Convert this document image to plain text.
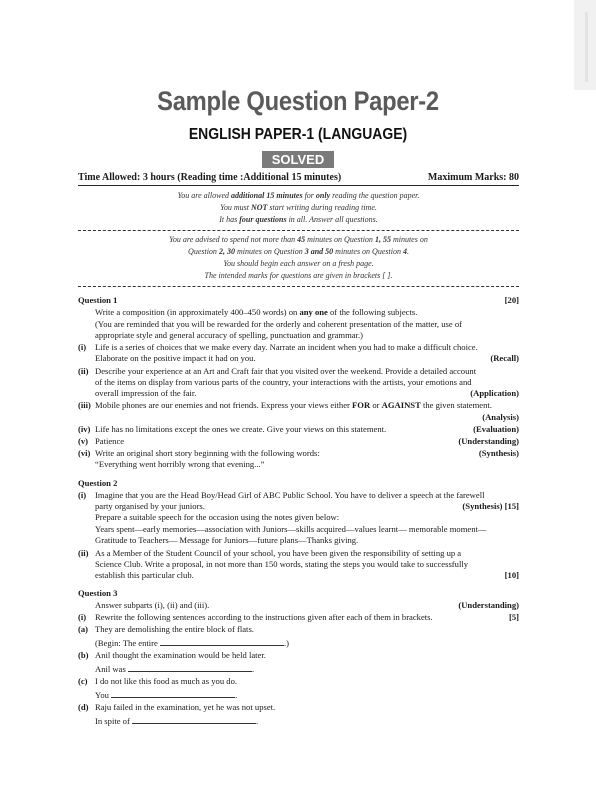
Sample Question Paper-2
ENGLISH PAPER-1 (LANGUAGE)
SOLVED
Time Allowed: 3 hours (Reading time :Additional 15 minutes)	Maximum Marks: 80
You are allowed additional 15 minutes for only reading the question paper.
You must NOT start writing during reading time.
It has four questions in all. Answer all questions.
You are advised to spend not more than 45 minutes on Question 1, 55 minutes on
Question 2, 30 minutes on Question 3 and 50 minutes on Question 4.
You should begin each answer on a fresh page.
The intended marks for questions are given in brackets [ ].
Question 1	[20]
Write a composition (in approximately 400–450 words) on any one of the following subjects.
(You are reminded that you will be rewarded for the orderly and coherent presentation of the matter, use of
appropriate style and general accuracy of spelling, punctuation and grammar.)
(i) Life is a series of choices that we make every day. Narrate an incident when you had to make a difficult choice.
Elaborate on the positive impact it had on you.	(Recall)
(ii) Describe your experience at an Art and Craft fair that you visited over the weekend. Provide a detailed account
of the items on display from various parts of the country, your interactions with the artists, your emotions and
overall impression of the fair.	(Application)
(iii) Mobile phones are our enemies and not friends. Express your views either FOR or AGAINST the given statement.
(Analysis)
(iv) Life has no limitations except the ones we create. Give your views on this statement.	(Evaluation)
(v) Patience	(Understanding)
(vi) Write an original short story beginning with the following words:
“Everything went horribly wrong that evening...”
(Synthesis)
Question 2
(i) Imagine that you are the Head Boy/Head Girl of ABC Public School. You have to deliver a speech at the farewell
party organised by your juniors.
Prepare a suitable speech for the occasion using the notes given below:
Years spent—early memories—association with Juniors—skills acquired—values learnt— memorable moment—
Gratitude to Teachers— Message for Juniors—future plans—Thanks giving.
(Synthesis) [15]
(ii) As a Member of the Student Council of your school, you have been given the responsibility of setting up a
Science Club. Write a proposal, in not more than 150 words, stating the steps you would take to successfully
establish this particular club.	[10]
Question 3
Answer subparts (i), (ii) and (iii).	(Understanding)
(i) Rewrite the following sentences according to the instructions given after each of them in brackets.	[5]
(a) They are demolishing the entire block of flats.
(Begin: The entire	.)
(b) Anil thought the examination would be held later.
Anil was	.
(c) I do not like this food as much as you do.
You	.
(d) Raju failed in the examination, yet he was not upset.
In spite of	.
